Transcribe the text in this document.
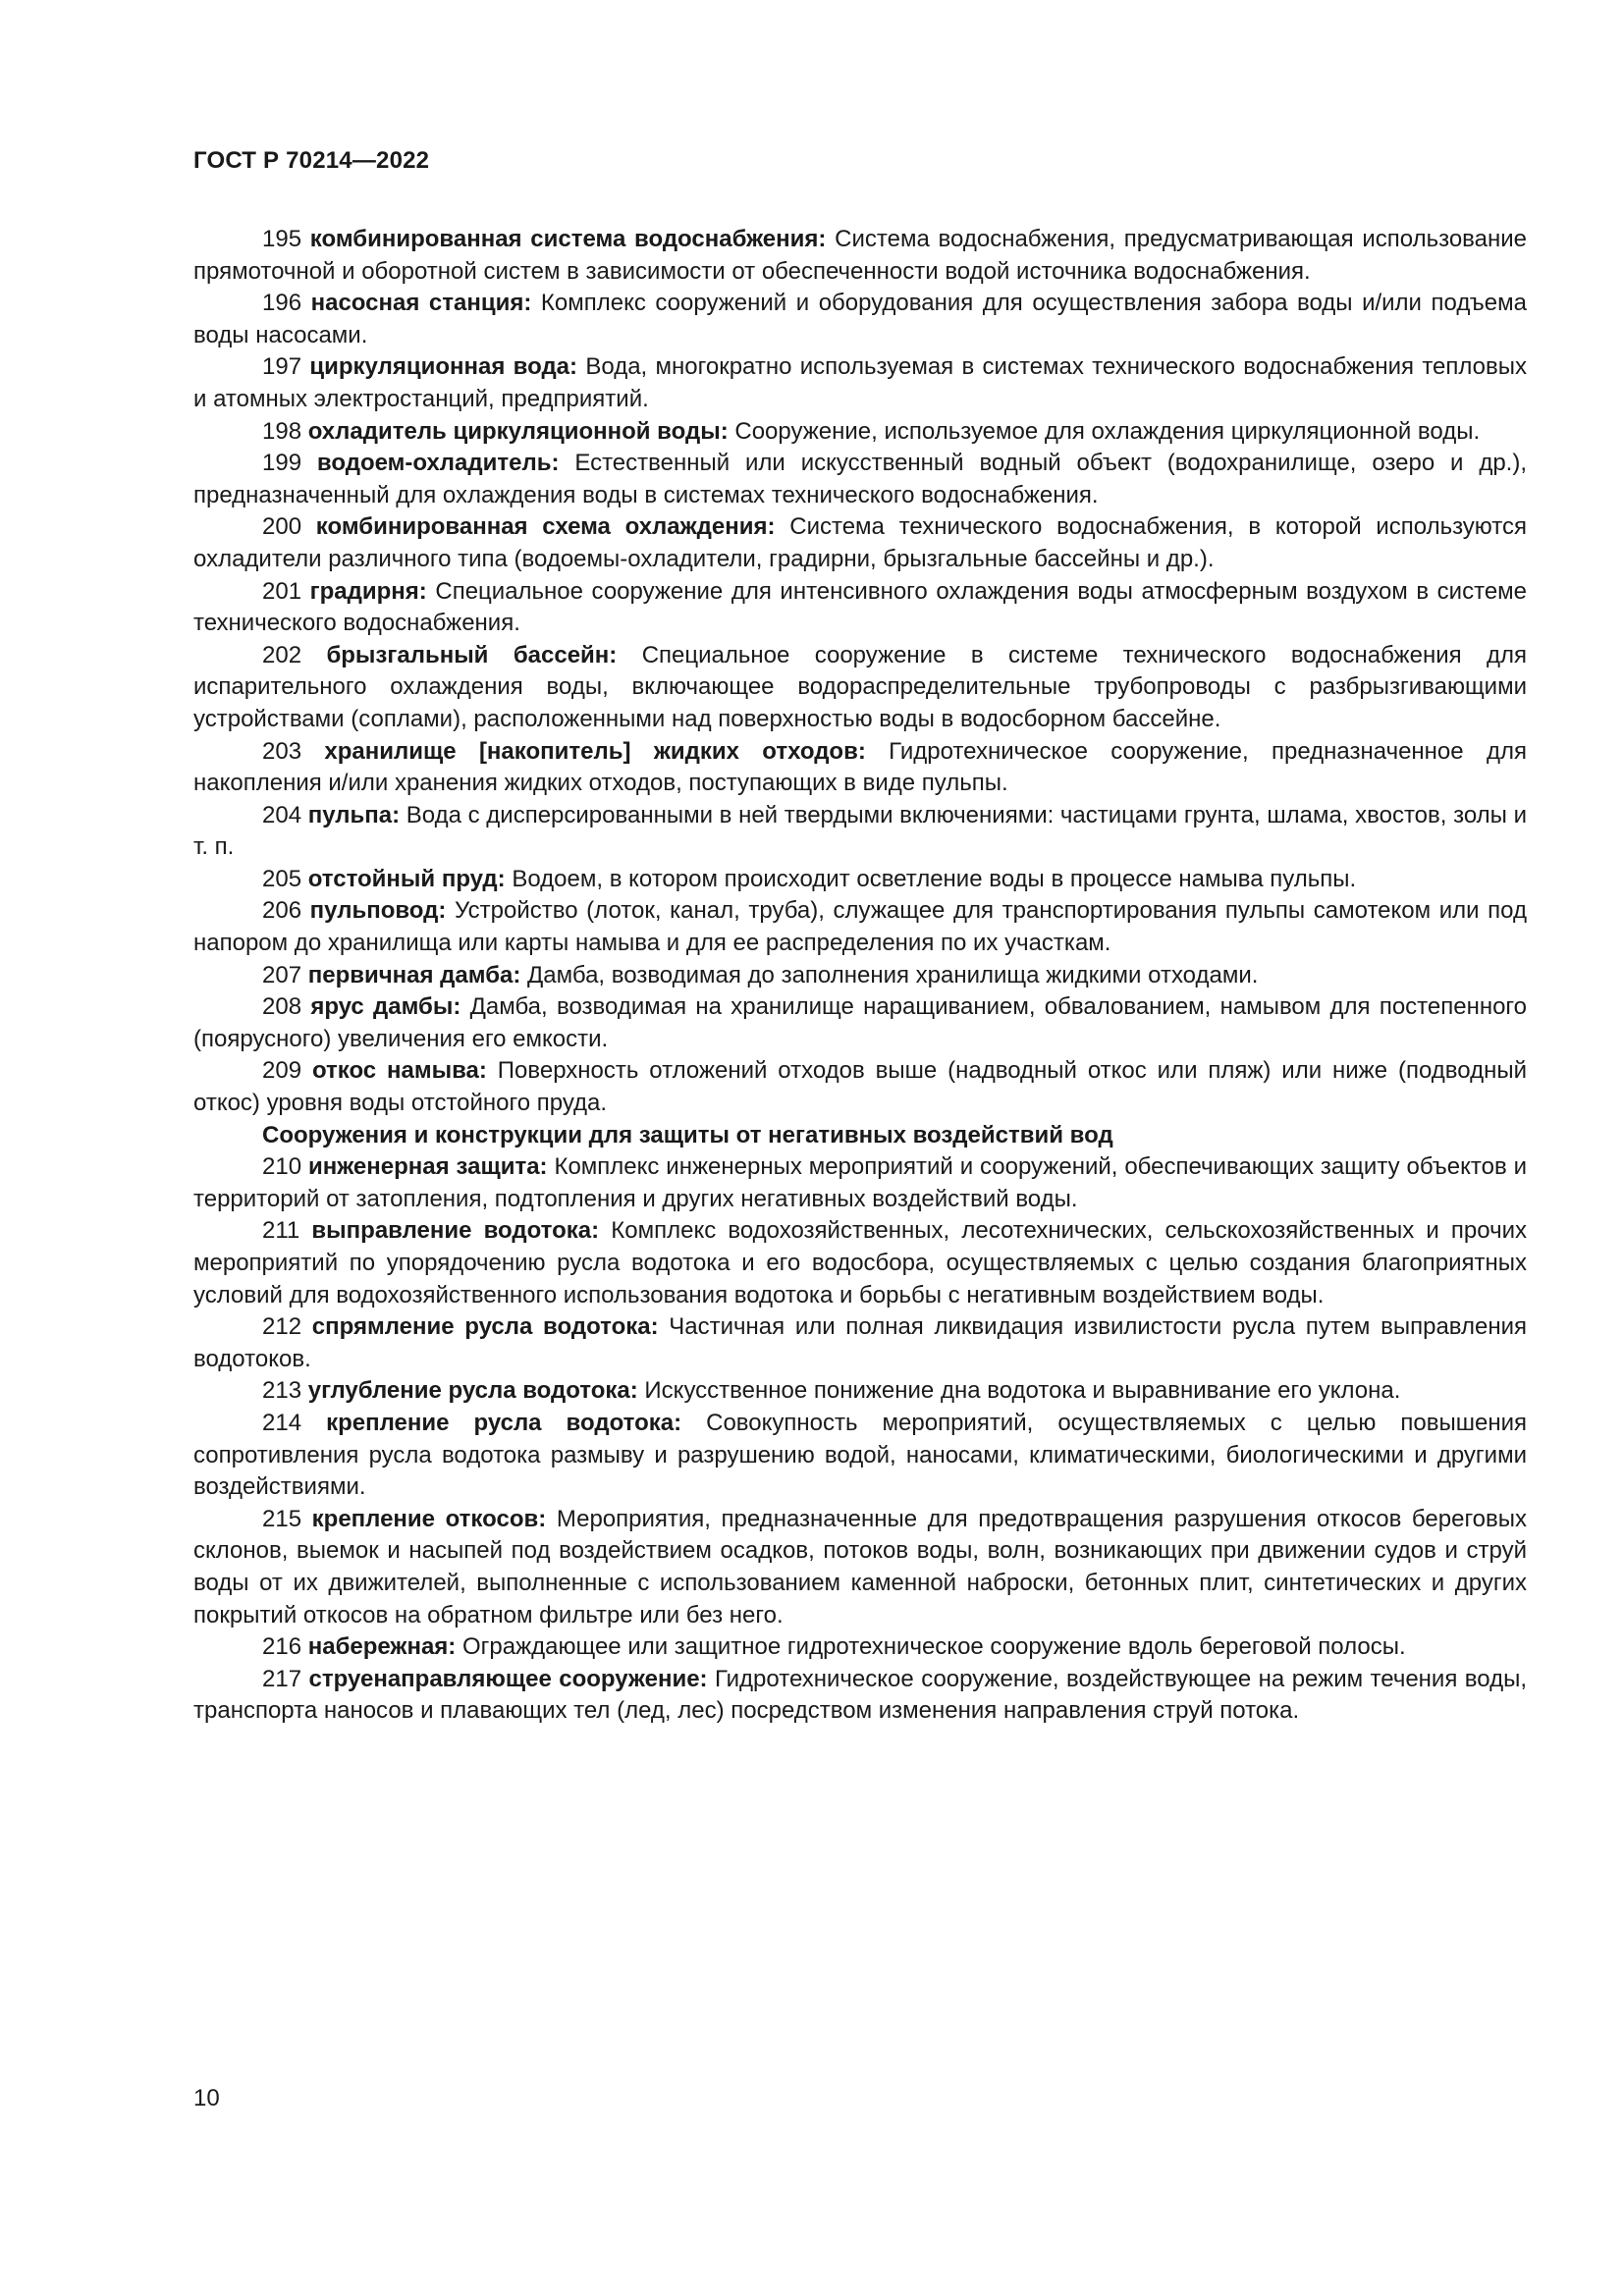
ГОСТ Р 70214—2022

195 комбинированная система водоснабжения: Система водоснабжения, предусматривающая использование прямоточной и оборотной систем в зависимости от обеспеченности водой источника водоснабжения.

196 насосная станция: Комплекс сооружений и оборудования для осуществления забора воды и/или подъема воды насосами.

197 циркуляционная вода: Вода, многократно используемая в системах технического водоснабжения тепловых и атомных электростанций, предприятий.

198 охладитель циркуляционной воды: Сооружение, используемое для охлаждения циркуляционной воды.

199 водоем-охладитель: Естественный или искусственный водный объект (водохранилище, озеро и др.), предназначенный для охлаждения воды в системах технического водоснабжения.

200 комбинированная схема охлаждения: Система технического водоснабжения, в которой используются охладители различного типа (водоемы-охладители, градирни, брызгальные бассейны и др.).

201 градирня: Специальное сооружение для интенсивного охлаждения воды атмосферным воздухом в системе технического водоснабжения.

202 брызгальный бассейн: Специальное сооружение в системе технического водоснабжения для испарительного охлаждения воды, включающее водораспределительные трубопроводы с разбрызгивающими устройствами (соплами), расположенными над поверхностью воды в водосборном бассейне.

203 хранилище [накопитель] жидких отходов: Гидротехническое сооружение, предназначенное для накопления и/или хранения жидких отходов, поступающих в виде пульпы.

204 пульпа: Вода с дисперсированными в ней твердыми включениями: частицами грунта, шлама, хвостов, золы и т. п.

205 отстойный пруд: Водоем, в котором происходит осветление воды в процессе намыва пульпы.

206 пульповод: Устройство (лоток, канал, труба), служащее для транспортирования пульпы самотеком или под напором до хранилища или карты намыва и для ее распределения по их участкам.

207 первичная дамба: Дамба, возводимая до заполнения хранилища жидкими отходами.

208 ярус дамбы: Дамба, возводимая на хранилище наращиванием, обвалованием, намывом для постепенного (поярусного) увеличения его емкости.

209 откос намыва: Поверхность отложений отходов выше (надводный откос или пляж) или ниже (подводный откос) уровня воды отстойного пруда.

Сооружения и конструкции для защиты от негативных воздействий вод

210 инженерная защита: Комплекс инженерных мероприятий и сооружений, обеспечивающих защиту объектов и территорий от затопления, подтопления и других негативных воздействий воды.

211 выправление водотока: Комплекс водохозяйственных, лесотехнических, сельскохозяйственных и прочих мероприятий по упорядочению русла водотока и его водосбора, осуществляемых с целью создания благоприятных условий для водохозяйственного использования водотока и борьбы с негативным воздействием воды.

212 спрямление русла водотока: Частичная или полная ликвидация извилистости русла путем выправления водотоков.

213 углубление русла водотока: Искусственное понижение дна водотока и выравнивание его уклона.

214 крепление русла водотока: Совокупность мероприятий, осуществляемых с целью повышения сопротивления русла водотока размыву и разрушению водой, наносами, климатическими, биологическими и другими воздействиями.

215 крепление откосов: Мероприятия, предназначенные для предотвращения разрушения откосов береговых склонов, выемок и насыпей под воздействием осадков, потоков воды, волн, возникающих при движении судов и струй воды от их движителей, выполненные с использованием каменной наброски, бетонных плит, синтетических и других покрытий откосов на обратном фильтре или без него.

216 набережная: Ограждающее или защитное гидротехническое сооружение вдоль береговой полосы.

217 струенаправляющее сооружение: Гидротехническое сооружение, воздействующее на режим течения воды, транспорта наносов и плавающих тел (лед, лес) посредством изменения направления струй потока.

10
